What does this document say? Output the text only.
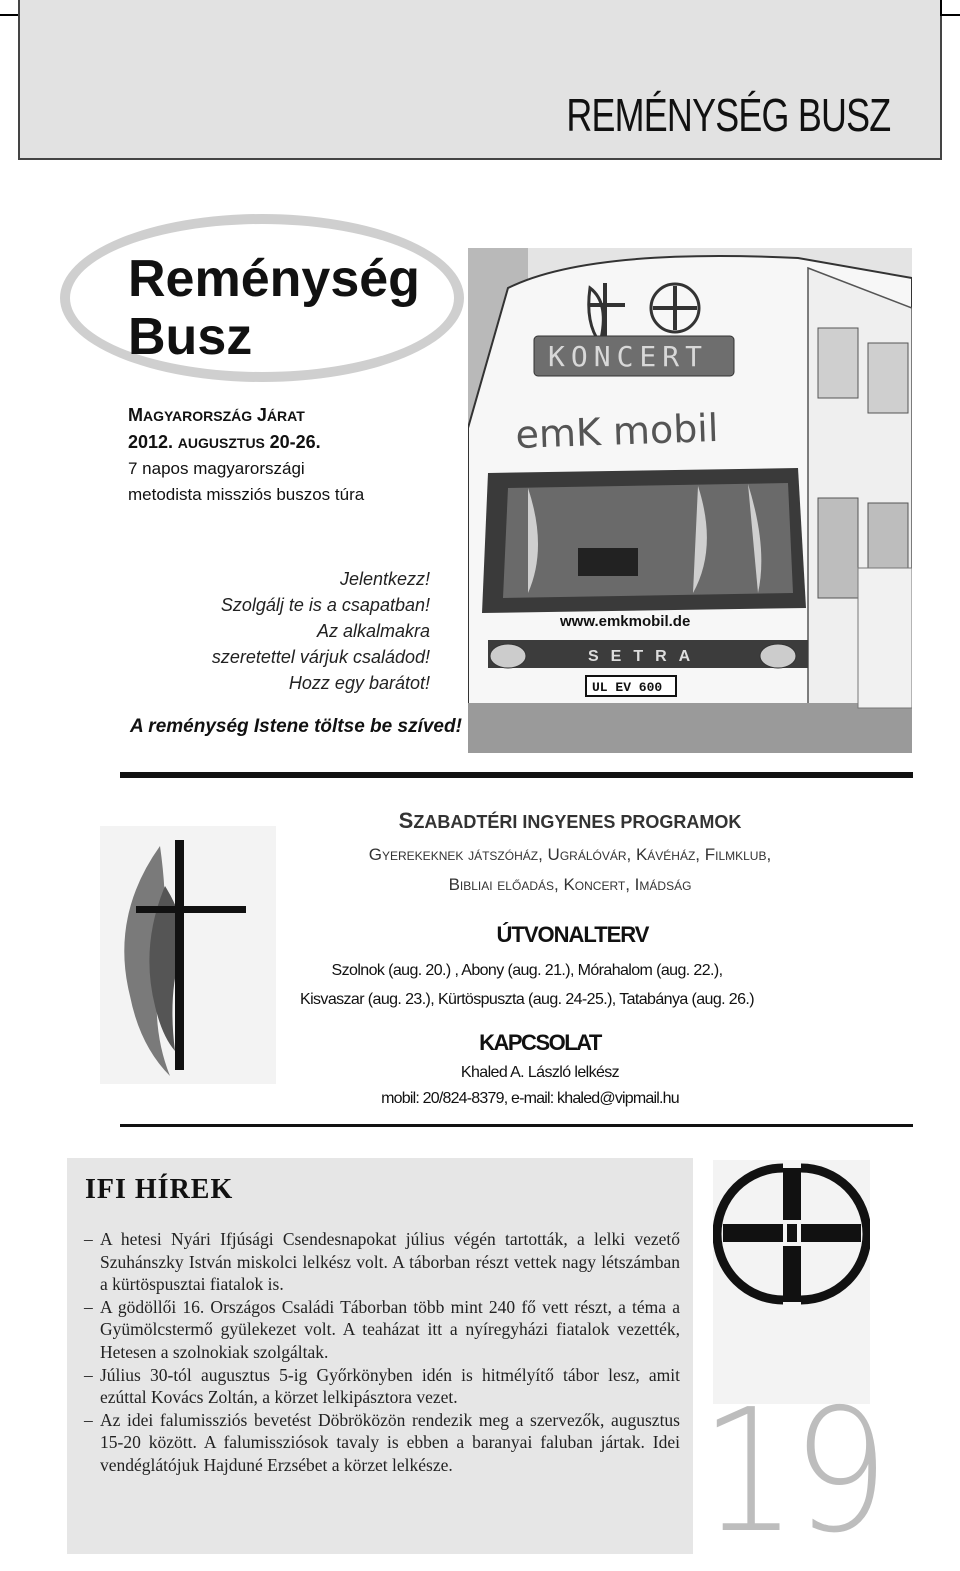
REMÉNYSÉG BUSZ
Reménység
Busz
MAGYARORSZÁG JÁRAT
2012. AUGUSZTUS 20-26.
7 napos magyarországi
metodista missziós buszos túra
Jelentkezz!
Szolgálj te is a csapatban!
Az alkalmakra
szeretettel várjuk családod!
Hozz egy barátot!
A reménység Istene töltse be szíved!
KONCERT
emK mobil
www.emkmobil.de
SETRA
UL EV 600
SZABADTÉRI INGYENES PROGRAMOK
Gyerekeknek játszóház, Ugrálóvár, Kávéház, Filmklub,
Bibliai előadás, Koncert, Imádság
ÚTVONALTERV
Szolnok (aug. 20.) , Abony (aug. 21.), Mórahalom (aug. 22.),
Kisvaszar (aug. 23.), Kürtöspuszta (aug. 24-25.), Tatabánya (aug. 26.)
KAPCSOLAT
Khaled A. László lelkész
mobil: 20/824-8379, e-mail: khaled@vipmail.hu
IFI HÍREK

– A hetesi Nyári Ifjúsági Csendesnapokat július végén tartották, a lelki vezető Szuhánszky István miskolci lelkész volt. A táborban részt vettek nagy létszámban a kürtöspusztai fiatalok is.

– A gödöllői 16. Országos Családi Táborban több mint 240 fő vett részt, a téma a Gyümölcstermő gyülekezet volt. A teaházat itt a nyíregyházi fiatalok vezették, Hetesen a szolnokiak szolgáltak.

– Július 30-tól augusztus 5-ig Győrkönyben idén is hitmélyítő tábor lesz, amit ezúttal Kovács Zoltán, a körzet lelkipásztora vezet.

– Az idei falumissziós bevetést Döbröközön rendezik meg a szervezők, augusztus 15-20 között. A falumissziósok tavaly is ebben a baranyai faluban jártak. Idei vendéglátójuk Hajduné Erzsébet a körzet lelkésze.	19
